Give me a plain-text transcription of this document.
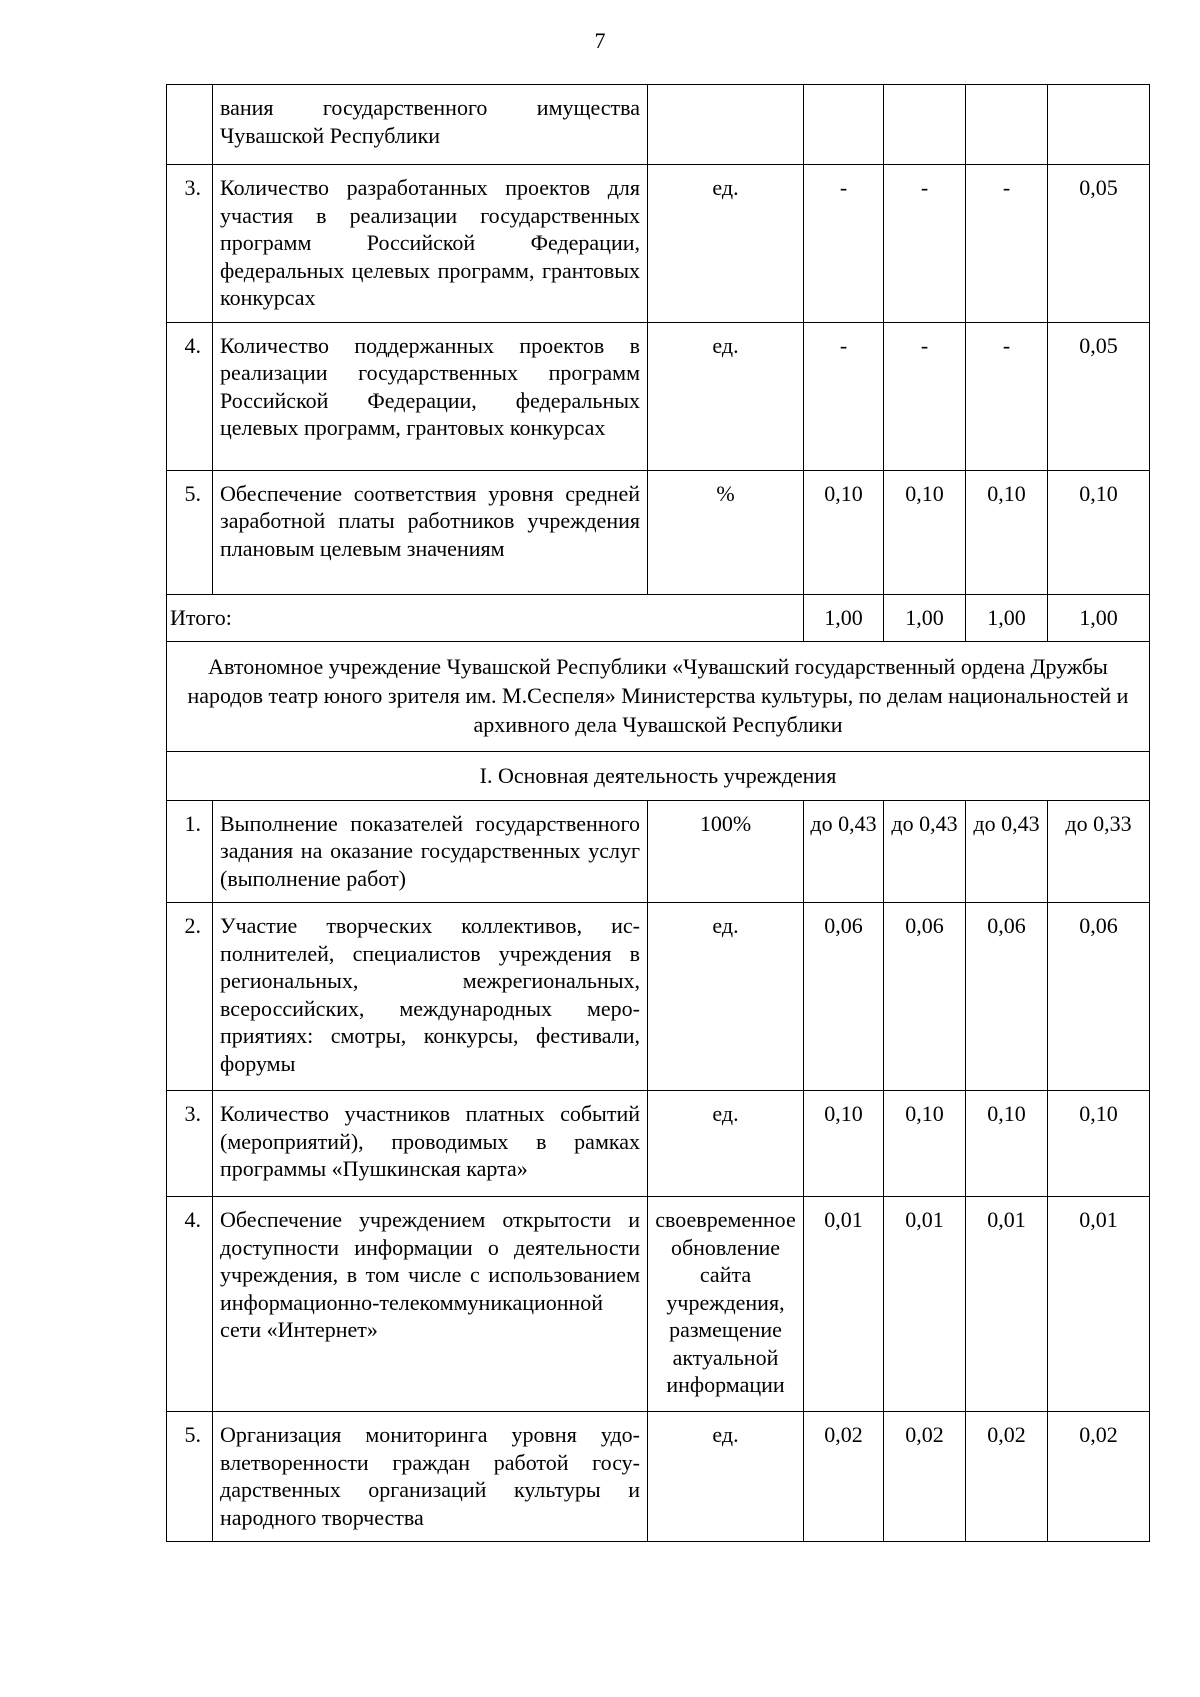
7
	вания государственного имущества Чувашской Республики					
3.	Количество разработанных проектов для участия в реализации государственных программ Российской Федерации, федеральных целевых программ, грантовых конкурсах	ед.	-	-	-	0,05
4.	Количество поддержанных проектов в реализации государственных программ Российской Федерации, федеральных целевых программ, грантовых конкурсах	ед.	-	-	-	0,05
5.	Обеспечение соответствия уровня средней заработной платы работников учреждения плановым целевым значениям	%	0,10	0,10	0,10	0,10
Итого:			1,00	1,00	1,00	1,00
Автономное учреждение Чувашской Республики «Чувашский государственный ордена Дружбы народов театр юного зрителя им. М.Сеспеля» Министерства культуры, по делам национальностей и архивного дела Чувашской Республики						
I. Основная деятельность учреждения						
1.	Выполнение показателей государственного задания на оказание государственных услуг (выполнение работ)	100%	до 0,43	до 0,43	до 0,43	до 0,33
2.	Участие творческих коллективов, исполнителей, специалистов учреждения в региональных, межрегиональных, всероссийских, международных мероприятиях: смотры, конкурсы, фестивали, форумы	ед.	0,06	0,06	0,06	0,06
3.	Количество участников платных событий (мероприятий), проводимых в рамках программы «Пушкинская карта»	ед.	0,10	0,10	0,10	0,10
4.	Обеспечение учреждением открытости и доступности информации о деятельности учреждения, в том числе с использованием информационно-телекоммуникационной сети «Интернет»	своевременное обновление сайта учреждения, размещение актуальной информации	0,01	0,01	0,01	0,01
5.	Организация мониторинга уровня удовлетворенности граждан работой государственных организаций культуры и народного творчества	ед.	0,02	0,02	0,02	0,02
